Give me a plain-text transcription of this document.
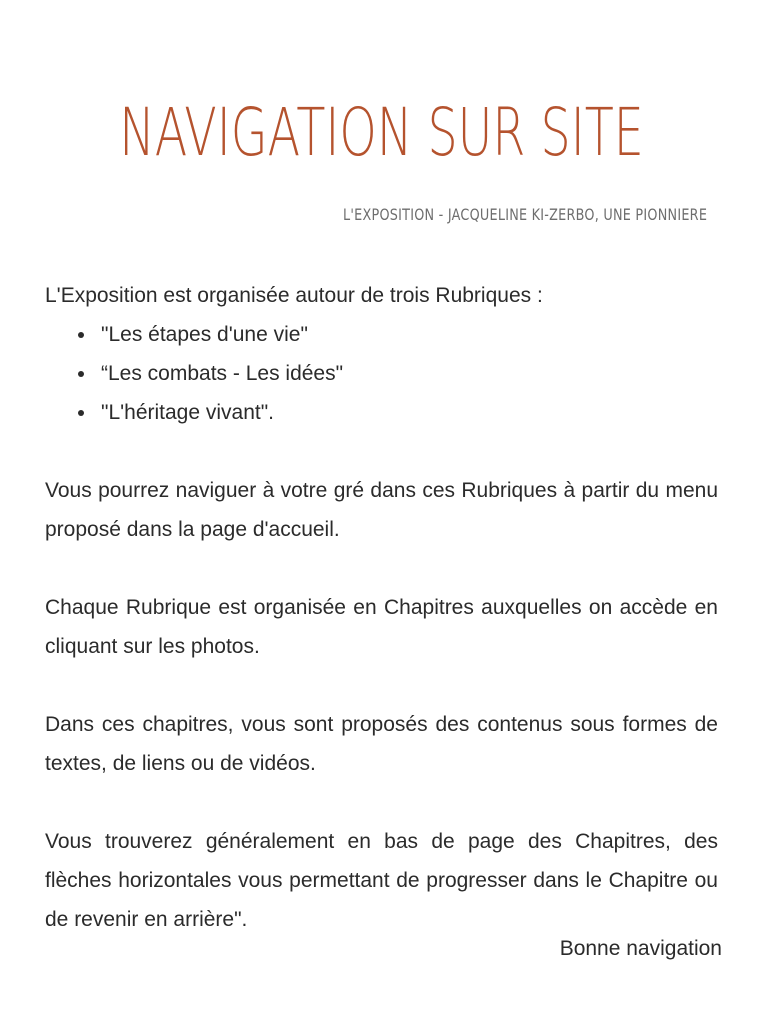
NAVIGATION SUR SITE
L'EXPOSITION - JACQUELINE KI-ZERBO, UNE PIONNIERE

L'Exposition est organisée autour de trois Rubriques :

• "Les étapes d'une vie"
• “Les combats - Les idées"
• "L'héritage vivant".

Vous pourrez naviguer à votre gré dans ces Rubriques à partir du menu proposé dans la page d'accueil.

Chaque Rubrique est organisée en Chapitres auxquelles on accède en cliquant sur les photos.

Dans ces chapitres, vous sont proposés des contenus sous formes de textes, de liens ou de vidéos.

Vous trouverez généralement en bas de page des Chapitres, des flèches horizontales vous permettant de progresser dans le Chapitre ou de revenir en arrière".

Bonne navigation
